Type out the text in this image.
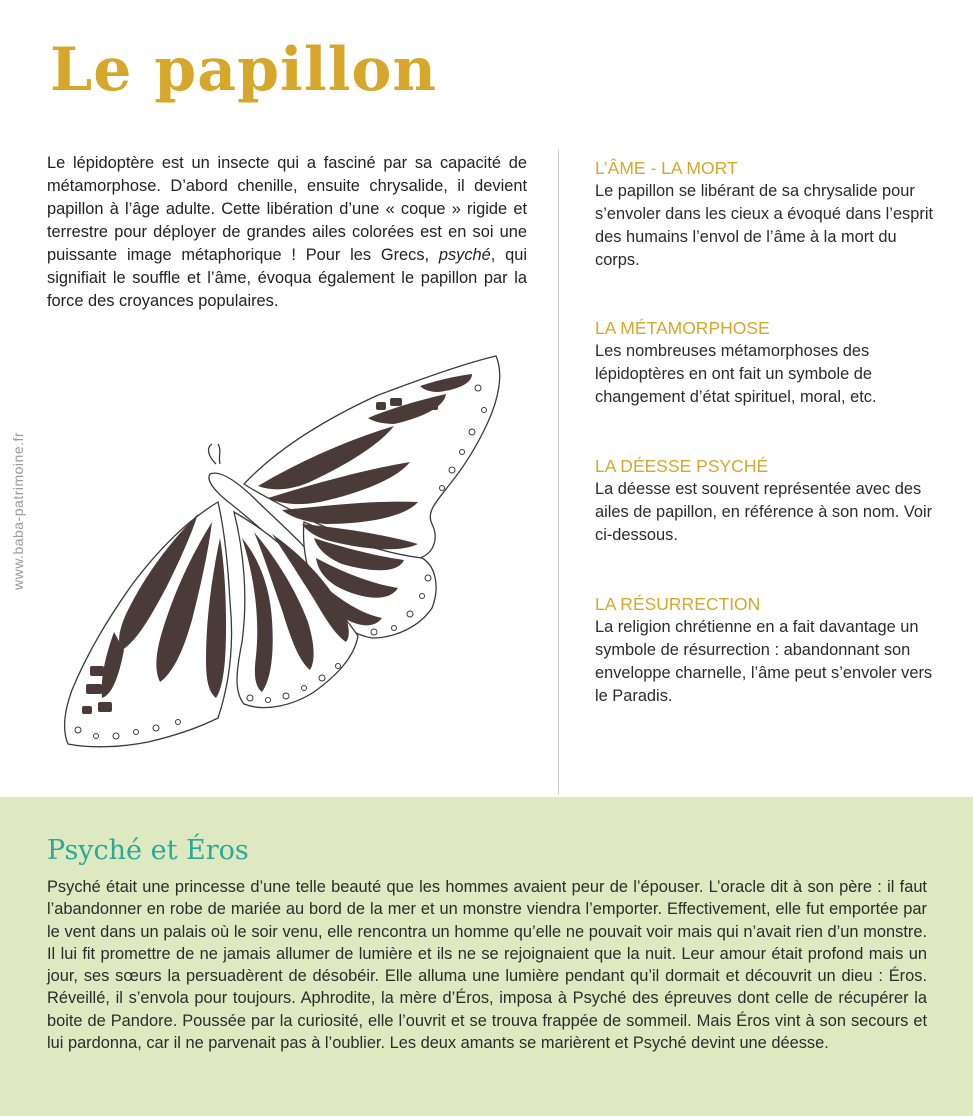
Le papillon
www.baba-patrimoine.fr

Le lépidoptère est un insecte qui a fasciné par sa capacité de métamorphose. D’abord chenille, ensuite chrysalide, il devient papillon à l’âge adulte. Cette libération d’une « coque » rigide et terrestre pour déployer de grandes ailes colorées est en soi une puissante image métaphorique ! Pour les Grecs, psyché, qui signifiait le souffle et l’âme, évoqua également le papillon par la force des croyances populaires.

L’ÂME - LA MORT

Le papillon se libérant de sa chrysalide pour s’envoler dans les cieux a évoqué dans l’esprit des humains l’envol de l’âme à la mort du corps.

LA MÉTAMORPHOSE

Les nombreuses métamorphoses des lépidoptères en ont fait un symbole de changement d’état spirituel, moral, etc.

LA DÉESSE PSYCHÉ

La déesse est souvent représentée avec des ailes de papillon, en référence à son nom. Voir ci-dessous.

LA RÉSURRECTION

La religion chrétienne en a fait davantage un symbole de résurrection : abandonnant son enveloppe charnelle, l’âme peut s’envoler vers le Paradis.

Psyché et Éros

Psyché était une princesse d’une telle beauté que les hommes avaient peur de l’épouser. L’oracle dit à son père : il faut l’abandonner en robe de mariée au bord de la mer et un monstre viendra l’emporter. Effectivement, elle fut emportée par le vent dans un palais où le soir venu, elle rencontra un homme qu’elle ne pouvait voir mais qui n’avait rien d’un monstre. Il lui fit promettre de ne jamais allumer de lumière et ils ne se rejoignaient que la nuit. Leur amour était profond mais un jour, ses sœurs la persuadèrent de désobéir. Elle alluma une lumière pendant qu’il dormait et découvrit un dieu : Éros. Réveillé, il s’envola pour toujours. Aphrodite, la mère d’Éros, imposa à Psyché des épreuves dont celle de récupérer la boite de Pandore. Poussée par la curiosité, elle l’ouvrit et se trouva frappée de sommeil. Mais Éros vint à son secours et lui pardonna, car il ne parvenait pas à l’oublier. Les deux amants se marièrent et Psyché devint une déesse.
